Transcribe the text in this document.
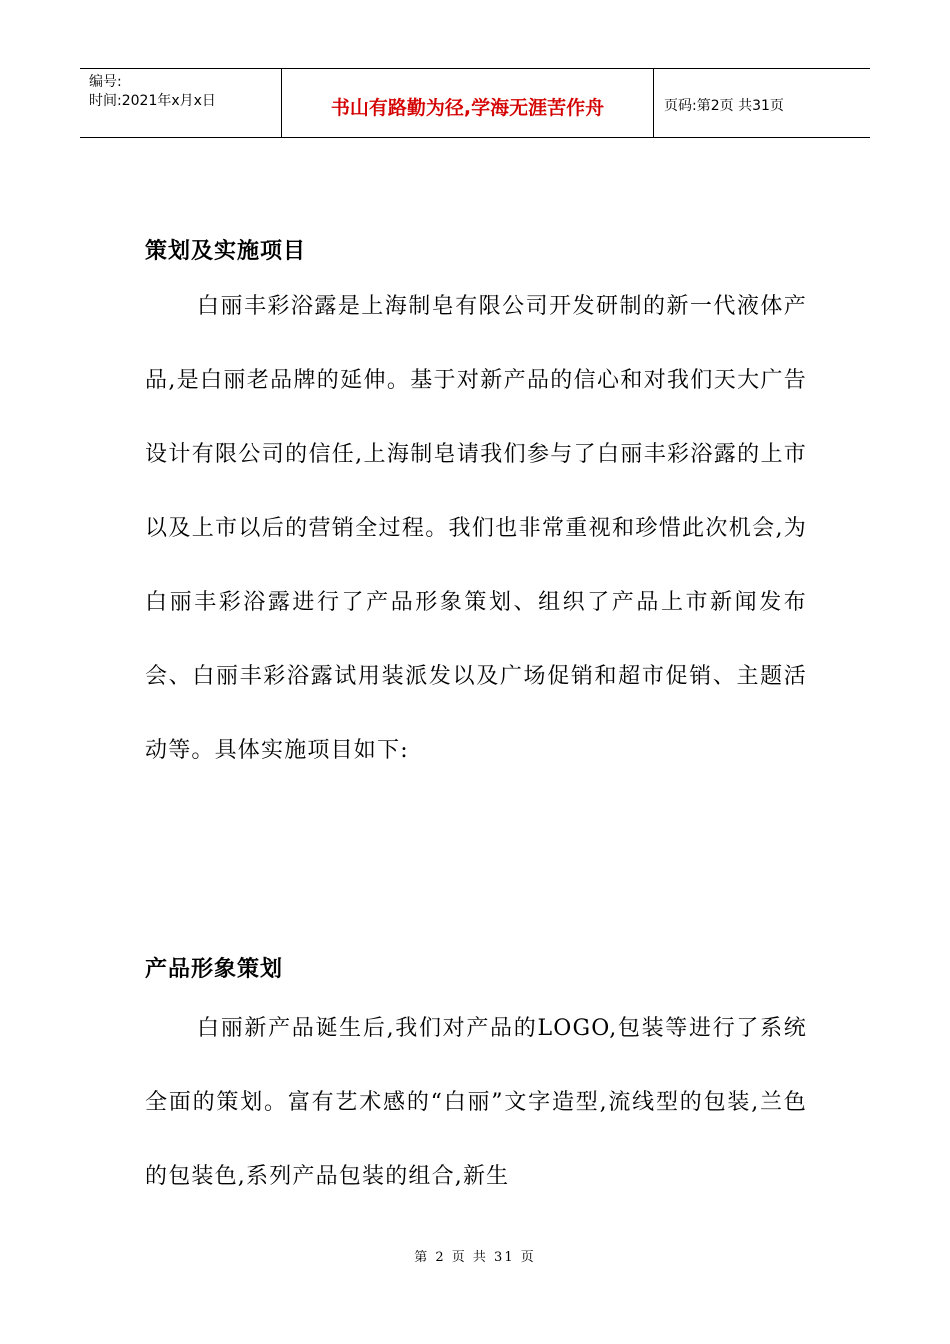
编号:
时间:2021年x月x日	书山有路勤为径,学海无涯苦作舟	页码:第2页 共31页
策划及实施项目
白丽丰彩浴露是上海制皂有限公司开发研制的新一代液体产品,是白丽老品牌的延伸。基于对新产品的信心和对我们天大广告设计有限公司的信任,上海制皂请我们参与了白丽丰彩浴露的上市以及上市以后的营销全过程。我们也非常重视和珍惜此次机会,为白丽丰彩浴露进行了产品形象策划、组织了产品上市新闻发布会、白丽丰彩浴露试用装派发以及广场促销和超市促销、主题活动等。具体实施项目如下:
产品形象策划
白丽新产品诞生后,我们对产品的LOGO,包装等进行了系统全面的策划。富有艺术感的“白丽”文字造型,流线型的包装,兰色的包装色,系列产品包装的组合,新生
第 2 页 共 31 页
